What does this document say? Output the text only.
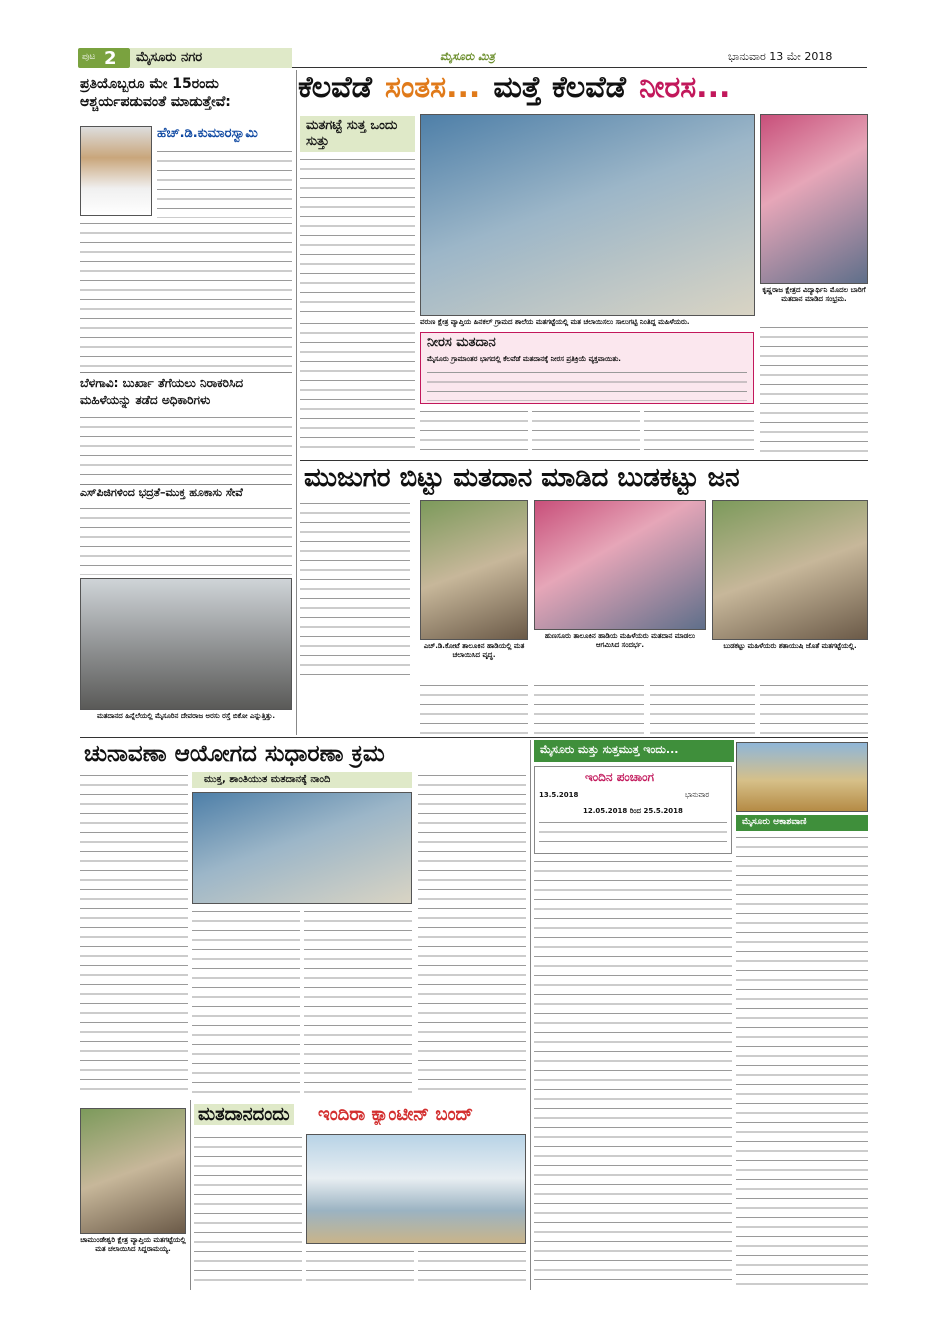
ಪುಟ 2 ಮೈಸೂರು ನಗರ	ಮೈಸೂರು ಮಿತ್ರ	ಭಾನುವಾರ 13 ಮೇ 2018
ಕೆಲವೆಡೆ ಸಂತಸ... ಮತ್ತೆ ಕೆಲವೆಡೆ ನೀರಸ...
ಪ್ರತಿಯೊಬ್ಬರೂ ಮೇ 15ರಂದು ಆಶ್ಚರ್ಯಪಡುವಂತೆ ಮಾಡುತ್ತೇವೆ:
ಹೆಚ್.ಡಿ.ಕುಮಾರಸ್ವಾಮಿ
ಬೆಳಗಾವಿ: ಬುರ್ಖಾ ತೆಗೆಯಲು ನಿರಾಕರಿಸಿದ ಮಹಿಳೆಯನ್ನು ತಡೆದ ಅಧಿಕಾರಿಗಳು
ಎಸ್‌ಪಿಜಿಗಳಿಂದ ಭದ್ರತೆ–ಮುಕ್ತ ಹೂಕಾಸು ಸೇವೆ
ಮತದಾನದ ಹಿನ್ನೆಲೆಯಲ್ಲಿ ಮೈಸೂರಿನ ದೇವರಾಜ ಅರಸು ರಸ್ತೆ ಬಿಕೋ ಎನ್ನುತ್ತಿತ್ತು.
ಮತಗಟ್ಟೆ ಸುತ್ತ ಒಂದು ಸುತ್ತು
ಕೃಷ್ಣರಾಜ ಕ್ಷೇತ್ರದ ವಿದ್ಯಾರ್ಥಿನಿ ಮೊದಲ ಬಾರಿಗೆ ಮತದಾನ ಮಾಡಿದ ಸಂಭ್ರಮ.
ವರುಣ ಕ್ಷೇತ್ರ ವ್ಯಾಪ್ತಿಯ ಹಿನಕಲ್ ಗ್ರಾಮದ ಶಾಲೆಯ ಮತಗಟ್ಟೆಯಲ್ಲಿ ಮತ ಚಲಾಯಿಸಲು ಸಾಲುಗಟ್ಟಿ ನಿಂತಿದ್ದ ಮಹಿಳೆಯರು.
ನೀರಸ ಮತದಾನ
ಮೈಸೂರು ಗ್ರಾಮಾಂತರ ಭಾಗದಲ್ಲಿ ಕೆಲವೆಡೆ ಮತದಾನಕ್ಕೆ ನೀರಸ ಪ್ರತಿಕ್ರಿಯೆ ವ್ಯಕ್ತವಾಯಿತು.
ಮುಜುಗರ ಬಿಟ್ಟು ಮತದಾನ ಮಾಡಿದ ಬುಡಕಟ್ಟು ಜನ
ಎಚ್.ಡಿ.ಕೋಟೆ ತಾಲೂಕಿನ ಹಾಡಿಯಲ್ಲಿ ಮತ ಚಲಾಯಿಸಿದ ವೃದ್ಧ.
ಹುಣಸೂರು ತಾಲೂಕಿನ ಹಾಡಿಯ ಮಹಿಳೆಯರು ಮತದಾನ ಮಾಡಲು ಆಗಮಿಸಿದ ಸಂದರ್ಭ.	ಬುಡಕಟ್ಟು ಮಹಿಳೆಯರು ಶತಾಯುಷಿ ಜೊತೆ ಮತಗಟ್ಟೆಯಲ್ಲಿ.
ಚುನಾವಣಾ ಆಯೋಗದ ಸುಧಾರಣಾ ಕ್ರಮ
ಮುಕ್ತ, ಶಾಂತಿಯುತ ಮತದಾನಕ್ಕೆ ನಾಂದಿ
ಮೈಸೂರು ಮತ್ತು ಸುತ್ತಮುತ್ತ ಇಂದು...
ಇಂದಿನ ಪಂಚಾಂಗ
13.5.2018	ಭಾನುವಾರ
12.05.2018 ರಿಂದ 25.5.2018
ಮೈಸೂರು ಆಕಾಶವಾಣಿ
ಚಾಮುಂಡೇಶ್ವರಿ ಕ್ಷೇತ್ರ ವ್ಯಾಪ್ತಿಯ ಮತಗಟ್ಟೆಯಲ್ಲಿ ಮತ ಚಲಾಯಿಸಿದ ಸಿದ್ದರಾಮಯ್ಯ.
ಮತದಾನದಂದು ಇಂದಿರಾ ಕ್ಯಾಂಟೀನ್ ಬಂದ್
